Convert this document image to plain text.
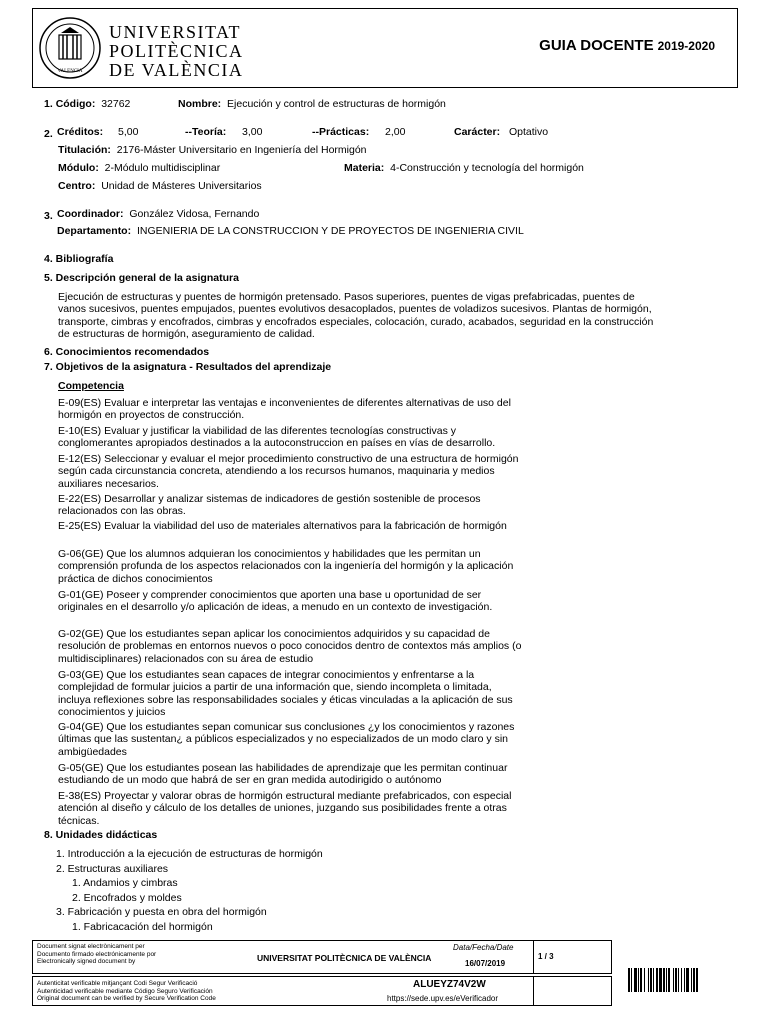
VALENCIA
UNIVERSITAT
POLITÈCNICA
DE VALÈNCIA
GUIA DOCENTE 2019-2020
1. Código: 32762	Nombre: Ejecución y control de estructuras de hormigón
2. Créditos: 5,00	--Teoría: 3,00	--Prácticas: 2,00	Carácter: Optativo
Titulación: 2176-Máster Universitario en Ingeniería del Hormigón
Módulo: 2-Módulo multidisciplinar	Materia: 4-Construcción y tecnología del hormigón
Centro: Unidad de Másteres Universitarios
3. Coordinador: González Vidosa, Fernando
Departamento: INGENIERIA DE LA CONSTRUCCION Y DE PROYECTOS DE INGENIERIA CIVIL
4. Bibliografía
5. Descripción general de la asignatura
Ejecución de estructuras y puentes de hormigón pretensado. Pasos superiores, puentes de vigas prefabricadas, puentes de
vanos sucesivos, puentes empujados, puentes evolutivos desacoplados, puentes de voladizos sucesivos. Plantas de hormigón,
transporte, cimbras y encofrados, cimbras y encofrados especiales, colocación, curado, acabados, seguridad en la construcción
de estructuras de hormigón, aseguramiento de calidad.
6. Conocimientos recomendados
7. Objetivos de la asignatura - Resultados del aprendizaje
Competencia
E-09(ES) Evaluar e interpretar las ventajas e inconvenientes de diferentes alternativas de uso del
hormigón en proyectos de construcción.
E-10(ES) Evaluar y justificar la viabilidad de las diferentes tecnologías constructivas y
conglomerantes apropiados destinados a la autoconstruccion en países en vías de desarrollo.
E-12(ES) Seleccionar y evaluar el mejor procedimiento constructivo de una estructura de hormigón
según cada circunstancia concreta, atendiendo a los recursos humanos, maquinaria y medios
auxiliares necesarios.
E-22(ES) Desarrollar y analizar sistemas de indicadores de gestión sostenible de procesos
relacionados con las obras.
E-25(ES) Evaluar la viabilidad del uso de materiales alternativos para la fabricación de hormigón
G-06(GE) Que los alumnos adquieran los conocimientos y habilidades que les permitan un
comprensión profunda de los aspectos relacionados con la ingeniería del hormigón y la aplicación
práctica de dichos conocimientos
G-01(GE) Poseer y comprender conocimientos que aporten una base u oportunidad de ser
originales en el desarrollo y/o aplicación de ideas, a menudo en un contexto de investigación.
G-02(GE) Que los estudiantes sepan aplicar los conocimientos adquiridos y su capacidad de
resolución de problemas en entornos nuevos o poco conocidos dentro de contextos más amplios (o
multidisciplinares) relacionados con su área de estudio
G-03(GE) Que los estudiantes sean capaces de integrar conocimientos y enfrentarse a la
complejidad de formular juicios a partir de una información que, siendo incompleta o limitada,
incluya reflexiones sobre las responsabilidades sociales y éticas vinculadas a la aplicación de sus
conocimientos y juicios
G-04(GE) Que los estudiantes sepan comunicar sus conclusiones ¿y los conocimientos y razones
últimas que las sustentan¿ a públicos especializados y no especializados de un modo claro y sin
ambigüedades
G-05(GE) Que los estudiantes posean las habilidades de aprendizaje que les permitan continuar
estudiando de un modo que habrá de ser en gran medida autodirigido o autónomo
E-38(ES) Proyectar y valorar obras de hormigón estructural mediante prefabricados, con especial
atención al diseño y cálculo de los detalles de uniones, juzgando sus posibilidades frente a otras
técnicas.
8. Unidades didácticas
1. Introducción a la ejecución de estructuras de hormigón
2. Estructuras auxiliares
1. Andamios y cimbras
2. Encofrados y moldes
3. Fabricación y puesta en obra del hormigón
1. Fabricacación del hormigón
Document signat electrònicament per
Documento firmado electrónicamente por
Electronically signed document by	UNIVERSITAT POLITÈCNICA DE VALÈNCIA
Data/Fecha/Date
16/07/2019
1 / 3
Autenticitat verificable mitjançant Codi Segur Verificació
Autenticidad verificable mediante Código Seguro Verificación
Original document can be verified by Secure Verification Code
ALUEYZ74V2W
https://sede.upv.es/eVerificador
